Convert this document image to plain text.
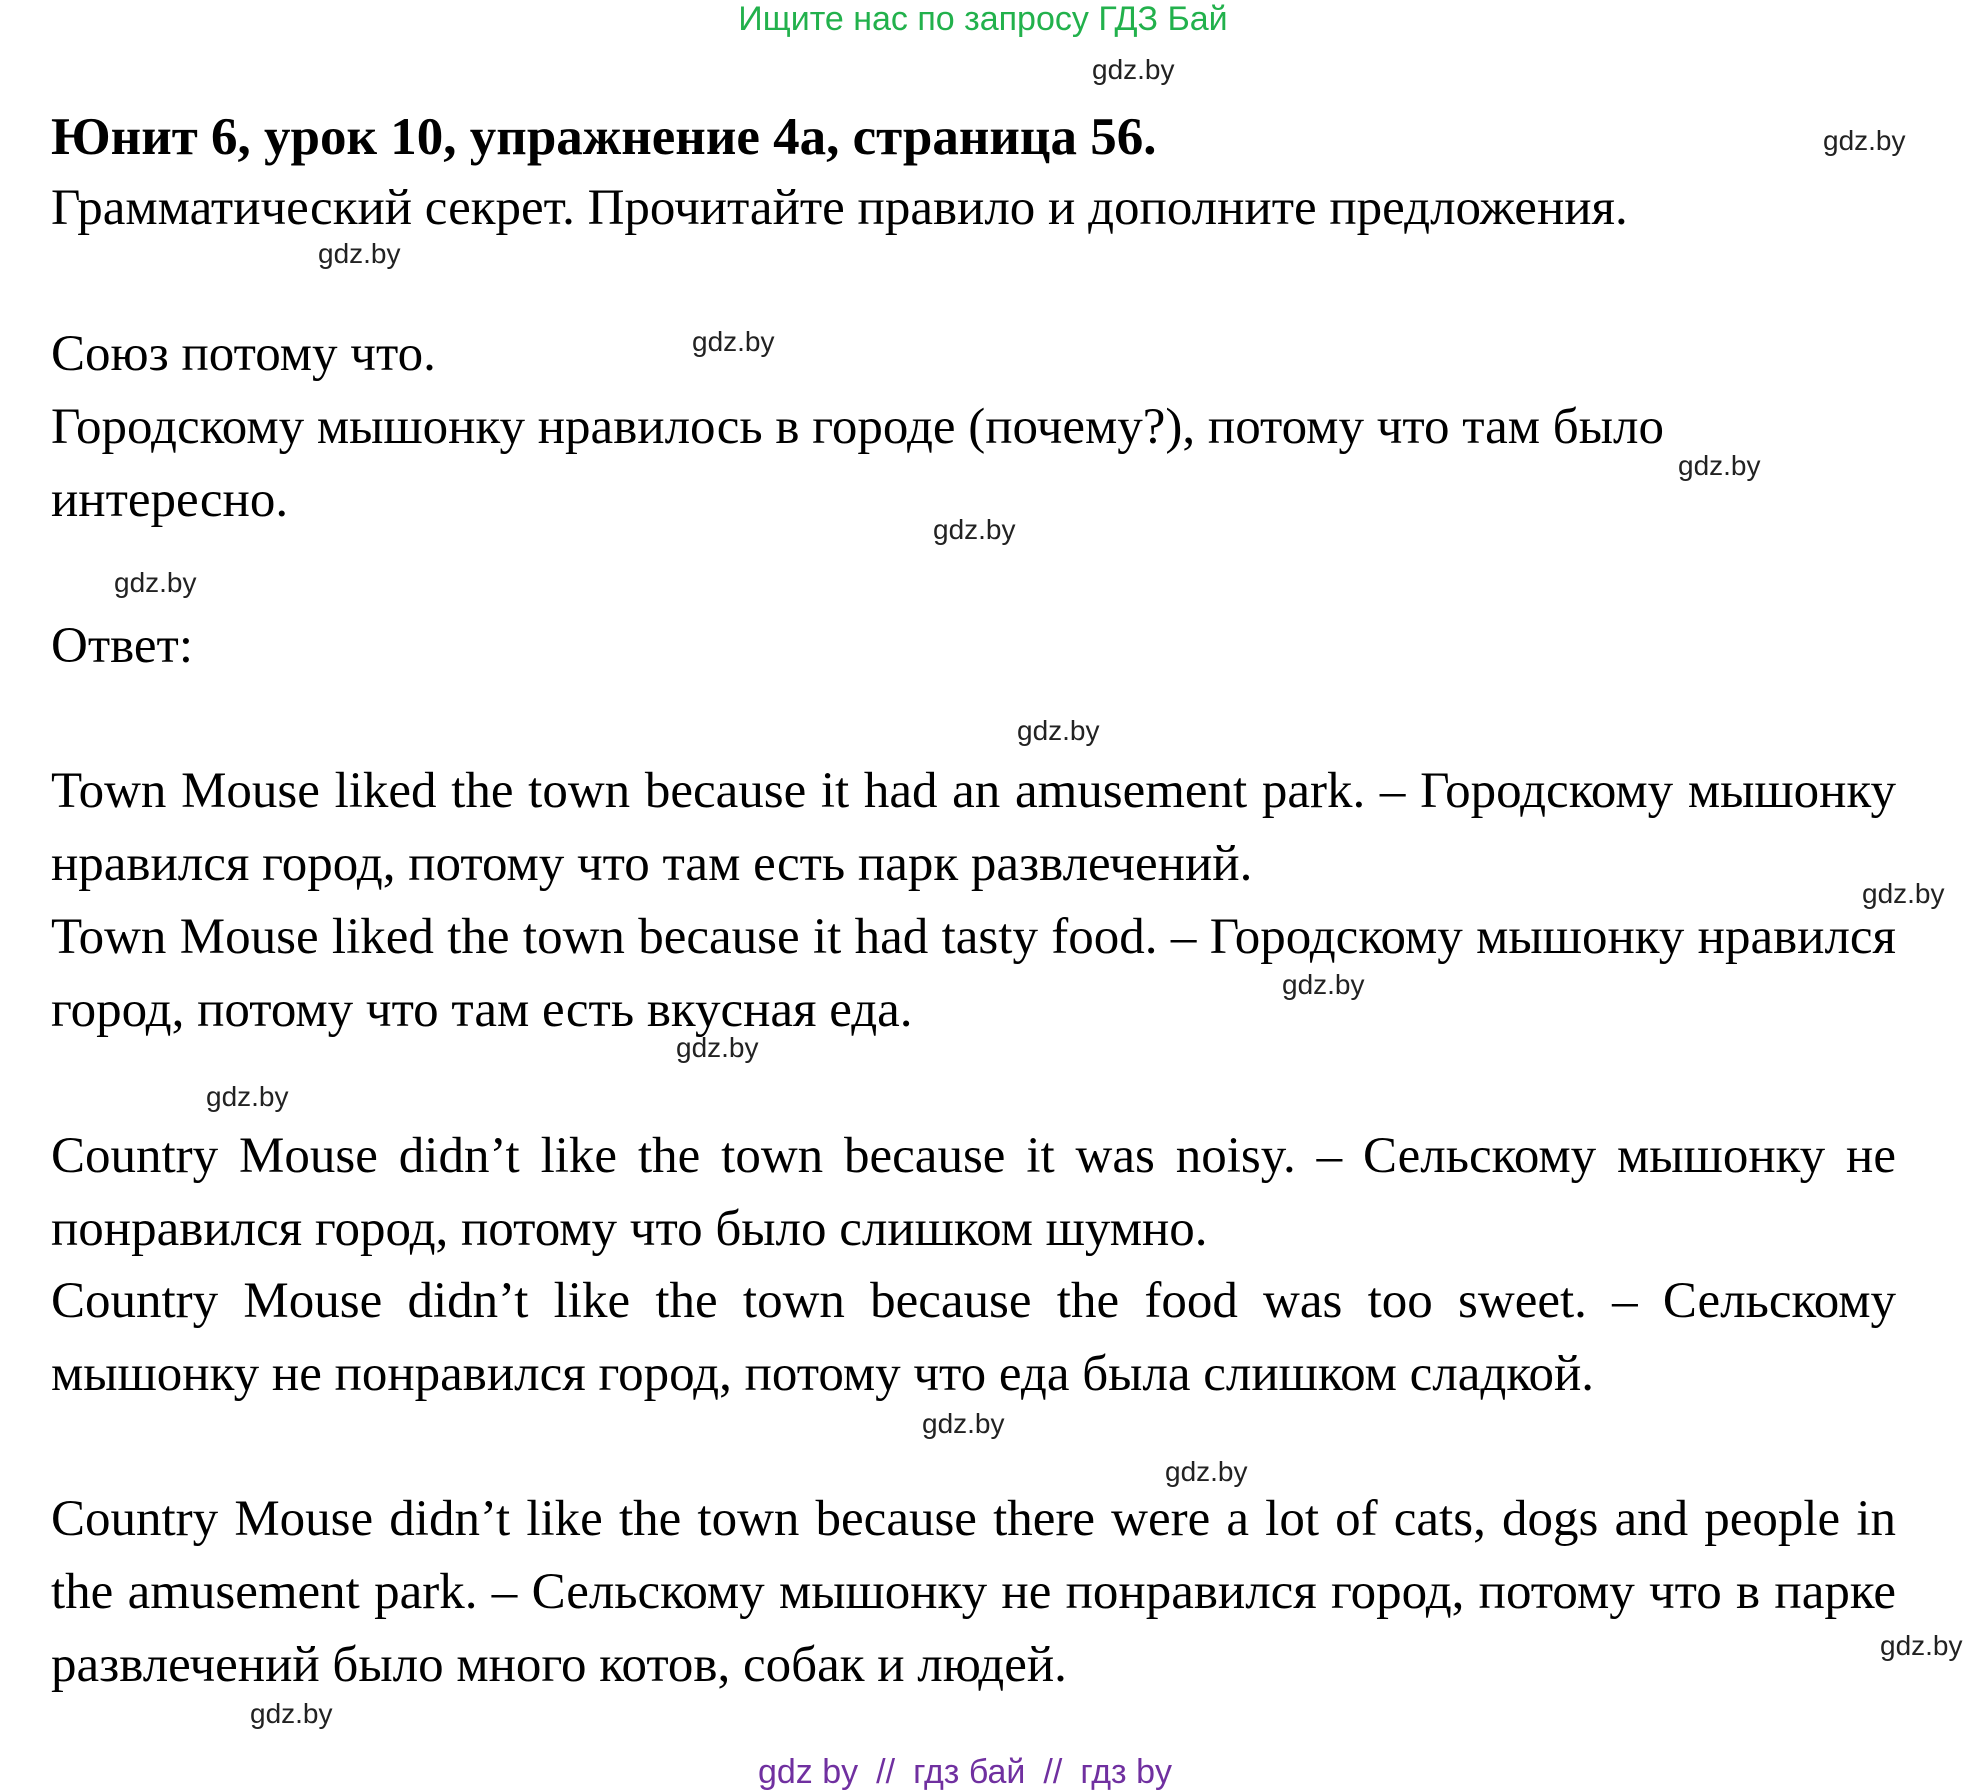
Ищите нас по запросу ГДЗ Бай
Юнит 6, урок 10, упражнение 4а, страница 56.

Грамматический секрет. Прочитайте правило и дополните предложения.

Союз потому что.

Городскому мышонку нравилось в городе (почему?), потому что там было интересно.

Ответ:

Town Mouse liked the town because it had an amusement park. – Городскому мышонку нравился город, потому что там есть парк развлечений.

Town Mouse liked the town because it had tasty food. – Городскому мышонку нравился город, потому что там есть вкусная еда.

Country Mouse didn’t like the town because it was noisy. – Сельскому мышонку не понравился город, потому что было слишком шумно.

Country Mouse didn’t like the town because the food was too sweet. – Сельскому мышонку не понравился город, потому что еда была слишком сладкой.

Country Mouse didn’t like the town because there were a lot of cats, dogs and people in the amusement park. – Сельскому мышонку не понравился город, потому что в парке развлечений было много котов, собак и людей.

gdz.by
gdz.by
gdz.by
gdz.by
gdz.by
gdz.by
gdz.by
gdz.by
gdz.by
gdz.by
gdz.by
gdz.by
gdz.by
gdz.by
gdz.by
gdz.by
gdz by // гдз бай // гдз by
